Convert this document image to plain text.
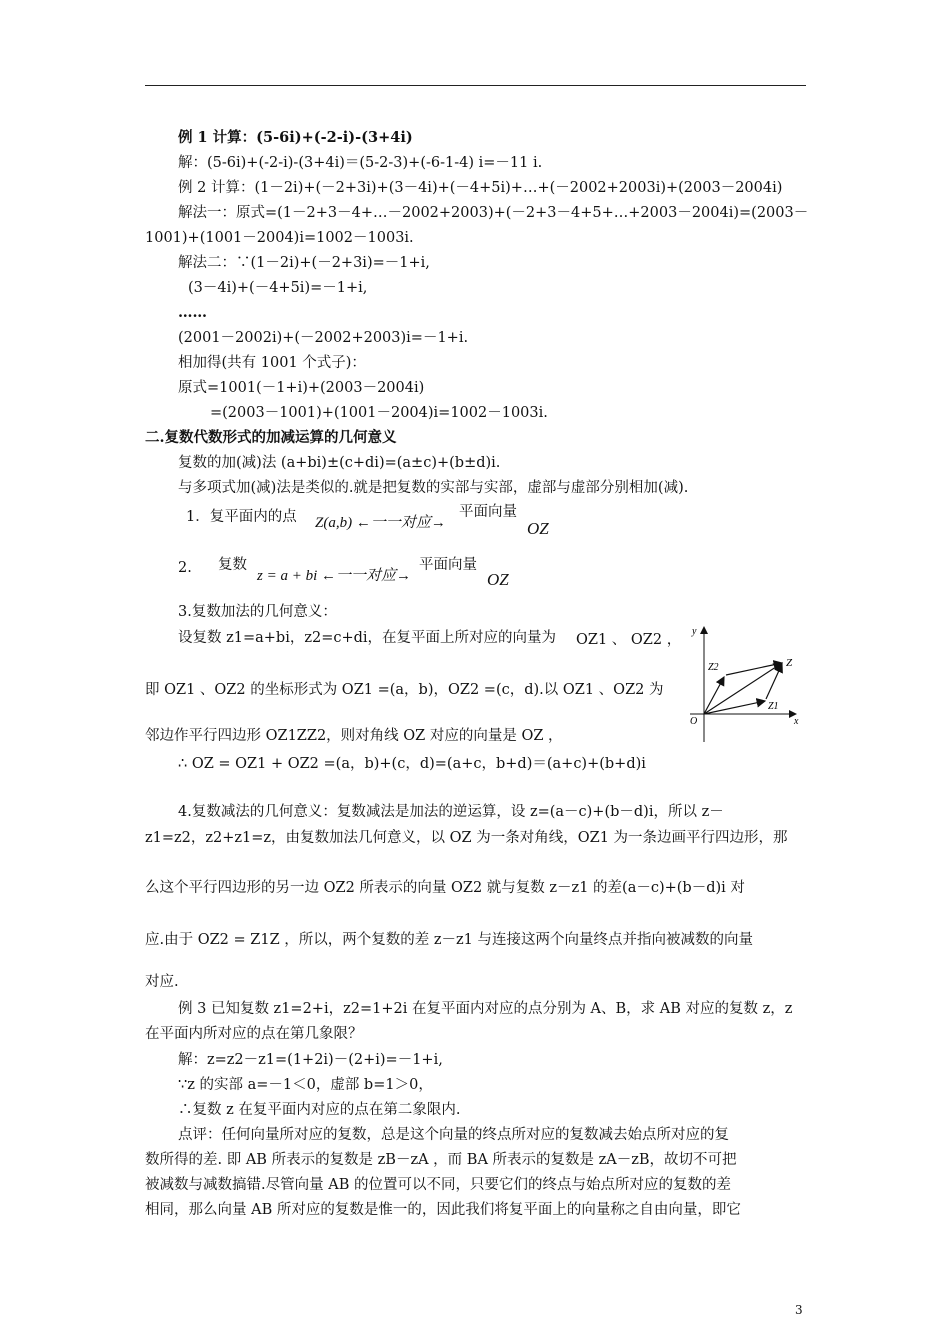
例 1 计算：(5-6i)+(-2-i)-(3+4i)
解：(5-6i)+(-2-i)-(3+4i)＝(5-2-3)+(-6-1-4) i=－11 i.
例 2 计算：(1－2i)+(－2+3i)+(3－4i)+(－4+5i)+…+(－2002+2003i)+(2003－2004i)
解法一：原式=(1－2+3－4+…－2002+2003)+(－2+3－4+5+…+2003－2004i)=(2003－
1001)+(1001－2004)i=1002－1003i.
解法二：∵(1－2i)+(－2+3i)=－1+i,
(3－4i)+(－4+5i)=－1+i,
……
(2001－2002i)+(－2002+2003)i=－1+i.
相加得(共有 1001 个式子)：
原式=1001(－1+i)+(2003－2004i)
=(2003－1001)+(1001－2004)i=1002－1003i.
二.复数代数形式的加减运算的几何意义
复数的加(减)法 (a+bi)±(c+di)=(a±c)+(b±d)i.
与多项式加(减)法是类似的.就是把复数的实部与实部，虚部与虚部分别相加(减).
1．复平面内的点 Z(a,b) ←一一对应→
平面向量
OZ
2. 复数
z = a + bi ←一一对应→
平面向量
OZ
3.复数加法的几何意义：
设复数 z1=a+bi，z2=c+di，在复平面上所对应的向量为 OZ1 、 OZ2 ，
即 OZ1 、OZ2 的坐标形式为 OZ1 =(a，b)，OZ2 =(c，d).以 OZ1 、OZ2 为
邻边作平行四边形 OZ1ZZ2，则对角线 OZ 对应的向量是 OZ ，
∴ OZ = OZ1 + OZ2 =(a，b)+(c，d)=(a+c，b+d)＝(a+c)+(b+d)i
4.复数减法的几何意义：复数减法是加法的逆运算，设 z=(a－c)+(b－d)i，所以 z－
z1=z2，z2+z1=z，由复数加法几何意义，以 OZ 为一条对角线，OZ1 为一条边画平行四边形，那
么这个平行四边形的另一边 OZ2 所表示的向量 OZ2 就与复数 z－z1 的差(a－c)+(b－d)i 对
应.由于 OZ2 = Z1Z ，所以，两个复数的差 z－z1 与连接这两个向量终点并指向被减数的向量
对应.
例 3 已知复数 z1=2+i，z2=1+2i 在复平面内对应的点分别为 A、B，求 AB 对应的复数 z，z
在平面内所对应的点在第几象限？
解：z=z2－z1=(1+2i)－(2+i)=－1+i,
∵z 的实部 a=－1＜0，虚部 b=1＞0，
∴复数 z 在复平面内对应的点在第二象限内.
点评：任何向量所对应的复数，总是这个向量的终点所对应的复数减去始点所对应的复
数所得的差. 即 AB 所表示的复数是 zB－zA ，而 BA 所表示的复数是 zA－zB，故切不可把
被减数与减数搞错.尽管向量 AB 的位置可以不同，只要它们的终点与始点所对应的复数的差
相同，那么向量 AB 所对应的复数是惟一的，因此我们将复平面上的向量称之自由向量，即它
y
x
O
Z
Z1
Z2
3
